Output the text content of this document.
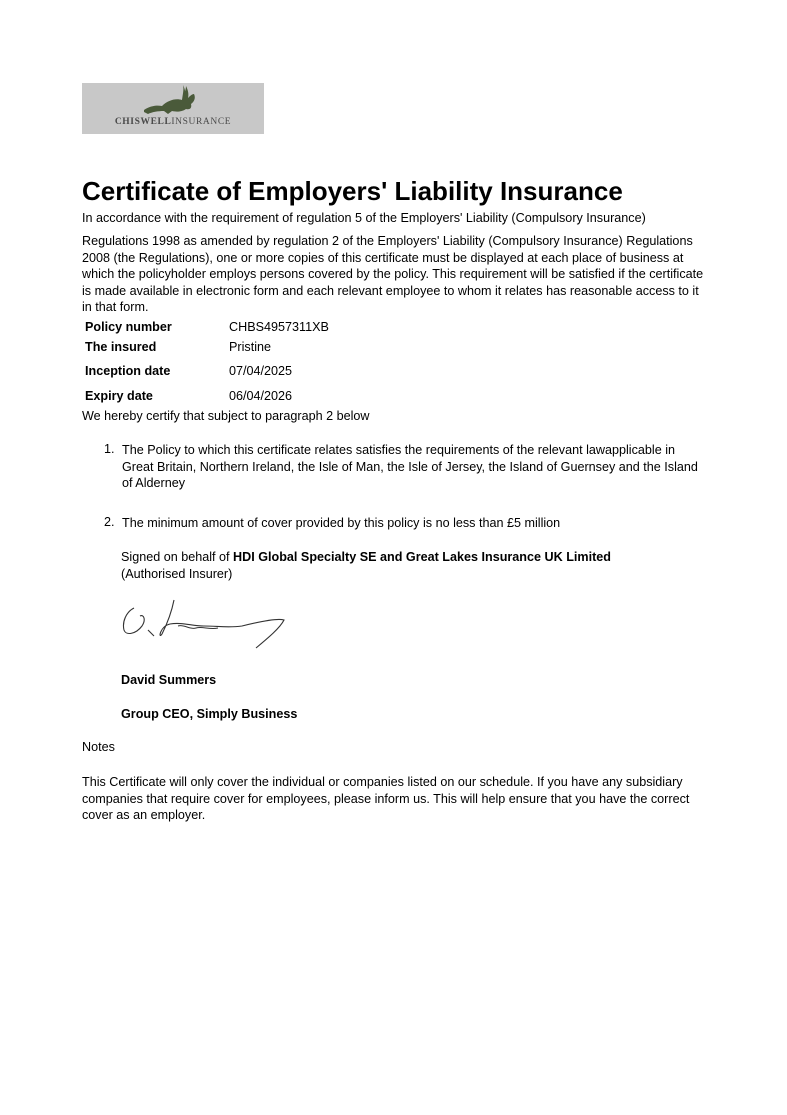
CHISWELLINSURANCE
Certificate of Employers' Liability Insurance
In accordance with the requirement of regulation 5 of the Employers' Liability (Compulsory Insurance)

Regulations 1998 as amended by regulation 2 of the Employers' Liability (Compulsory Insurance) Regulations 2008 (the Regulations), one or more copies of this certificate must be displayed at each place of business at which the policyholder employs persons covered by the policy. This requirement will be satisfied if the certificate is made available in electronic form and each relevant employee to whom it relates has reasonable access to it in that form.

Policy number	CHBS4957311XB
The insured	Pristine
Inception date	07/04/2025
Expiry date	06/04/2026
We hereby certify that subject to paragraph 2 below
1. The Policy to which this certificate relates satisfies the requirements of the relevant lawapplicable in Great Britain, Northern Ireland, the Isle of Man, the Isle of Jersey, the Island of Guernsey and the Island of Alderney

2. The minimum amount of cover provided by this policy is no less than £5 million

Signed on behalf of HDI Global Specialty SE and Great Lakes Insurance UK Limited
(Authorised Insurer)
David Summers
Group CEO, Simply Business
Notes

This Certificate will only cover the individual or companies listed on our schedule. If you have any subsidiary companies that require cover for employees, please inform us. This will help ensure that you have the correct cover as an employer.
